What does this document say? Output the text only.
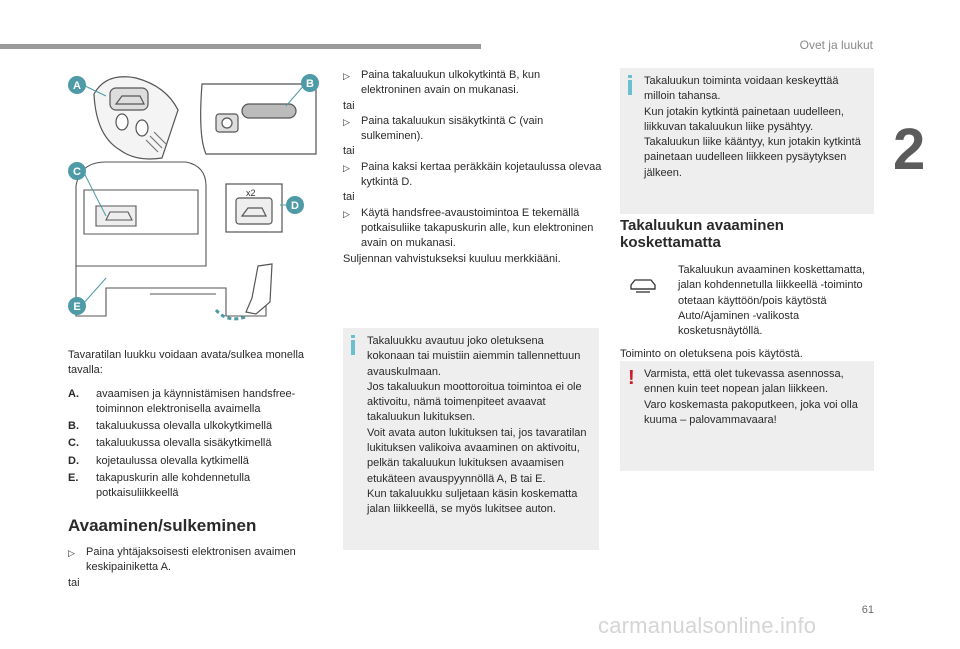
Ovet ja luukut
2
61
x2
A	B
C
D
E
Tavaratilan luukku voidaan avata/sulkea monella tavalla:
A.	avaamisen ja käynnistämisen handsfree-toiminnon elektronisella avaimella
B.	takaluukussa olevalla ulkokytkimellä
C.	takaluukussa olevalla sisäkytkimellä
D.	kojetaulussa olevalla kytkimellä
E.	takapuskurin alle kohdennetulla potkaisuliikkeellä
Avaaminen/sulkeminen
▷	Paina yhtäjaksoisesti elektronisen avaimen keskipainiketta A.
tai
▷	Paina takaluukun ulkokytkintä B, kun elektroninen avain on mukanasi.
tai
▷	Paina takaluukun sisäkytkintä C (vain sulkeminen).
tai
▷	Paina kaksi kertaa peräkkäin kojetaulussa olevaa kytkintä D.
tai
▷	Käytä handsfree-avaustoimintoa E tekemällä potkaisuliike takapuskurin alle, kun elektroninen avain on mukanasi.
Suljennan vahvistukseksi kuuluu merkkiääni.
Takaluukku avautuu joko oletuksena kokonaan tai muistiin aiemmin tallennettuun avauskulmaan.
Jos takaluukun moottoroitua toimintoa ei ole aktivoitu, nämä toimenpiteet avaavat takaluukun lukituksen.
Voit avata auton lukituksen tai, jos tavaratilan lukituksen valikoiva avaaminen on aktivoitu, pelkän takaluukun lukituksen avaamisen etukäteen avauspyynnöllä A, B tai E.
Kun takaluukku suljetaan käsin koskematta jalan liikkeellä, se myös lukitsee auton.
Takaluukun toiminta voidaan keskeyttää milloin tahansa.
Kun jotakin kytkintä painetaan uudelleen, liikkuvan takaluukun liike pysähtyy.
Takaluukun liike kääntyy, kun jotakin kytkintä painetaan uudelleen liikkeen pysäytyksen jälkeen.
Takaluukun avaaminen koskettamatta
Takaluukun avaaminen koskettamatta, jalan kohdennetulla liikkeellä -toiminto otetaan käyttöön/pois käytöstä Auto/Ajaminen -valikosta kosketusnäytöllä.
Toiminto on oletuksena pois käytöstä.
! Varmista, että olet tukevassa asennossa, ennen kuin teet nopean jalan liikkeen.
Varo koskemasta pakoputkeen, joka voi olla kuuma – palovammavaara!
carmanualsonline.info
